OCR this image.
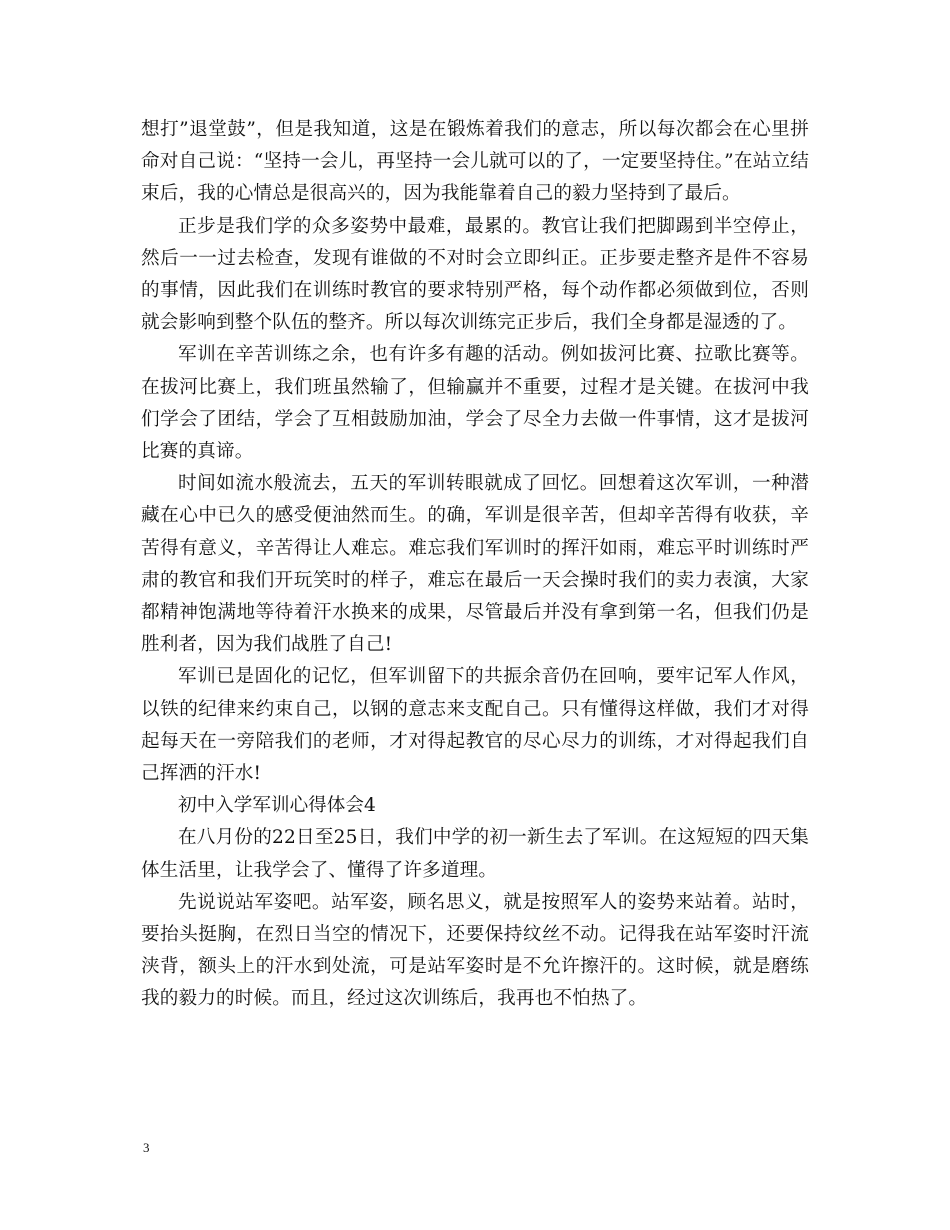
想打”退堂鼓”，但是我知道，这是在锻炼着我们的意志，所以每次都会在心里拼命对自己说：“坚持一会儿，再坚持一会儿就可以的了，一定要坚持住。”在站立结束后，我的心情总是很高兴的，因为我能靠着自己的毅力坚持到了最后。

正步是我们学的众多姿势中最难，最累的。教官让我们把脚踢到半空停止，然后一一过去检查，发现有谁做的不对时会立即纠正。正步要走整齐是件不容易的事情，因此我们在训练时教官的要求特别严格，每个动作都必须做到位，否则就会影响到整个队伍的整齐。所以每次训练完正步后，我们全身都是湿透的了。

军训在辛苦训练之余，也有许多有趣的活动。例如拔河比赛、拉歌比赛等。在拔河比赛上，我们班虽然输了，但输赢并不重要，过程才是关键。在拔河中我们学会了团结，学会了互相鼓励加油，学会了尽全力去做一件事情，这才是拔河比赛的真谛。

时间如流水般流去，五天的军训转眼就成了回忆。回想着这次军训，一种潜藏在心中已久的感受便油然而生。的确，军训是很辛苦，但却辛苦得有收获，辛苦得有意义，辛苦得让人难忘。难忘我们军训时的挥汗如雨，难忘平时训练时严肃的教官和我们开玩笑时的样子，难忘在最后一天会操时我们的卖力表演，大家都精神饱满地等待着汗水换来的成果，尽管最后并没有拿到第一名，但我们仍是胜利者，因为我们战胜了自己!

军训已是固化的记忆，但军训留下的共振余音仍在回响，要牢记军人作风，以铁的纪律来约束自己，以钢的意志来支配自己。只有懂得这样做，我们才对得起每天在一旁陪我们的老师，才对得起教官的尽心尽力的训练，才对得起我们自己挥洒的汗水!

初中入学军训心得体会4

在八月份的22日至25日，我们中学的初一新生去了军训。在这短短的四天集体生活里，让我学会了、懂得了许多道理。

先说说站军姿吧。站军姿，顾名思义，就是按照军人的姿势来站着。站时，要抬头挺胸，在烈日当空的情况下，还要保持纹丝不动。记得我在站军姿时汗流浃背，额头上的汗水到处流，可是站军姿时是不允许擦汗的。这时候，就是磨练我的毅力的时候。而且，经过这次训练后，我再也不怕热了。

3
